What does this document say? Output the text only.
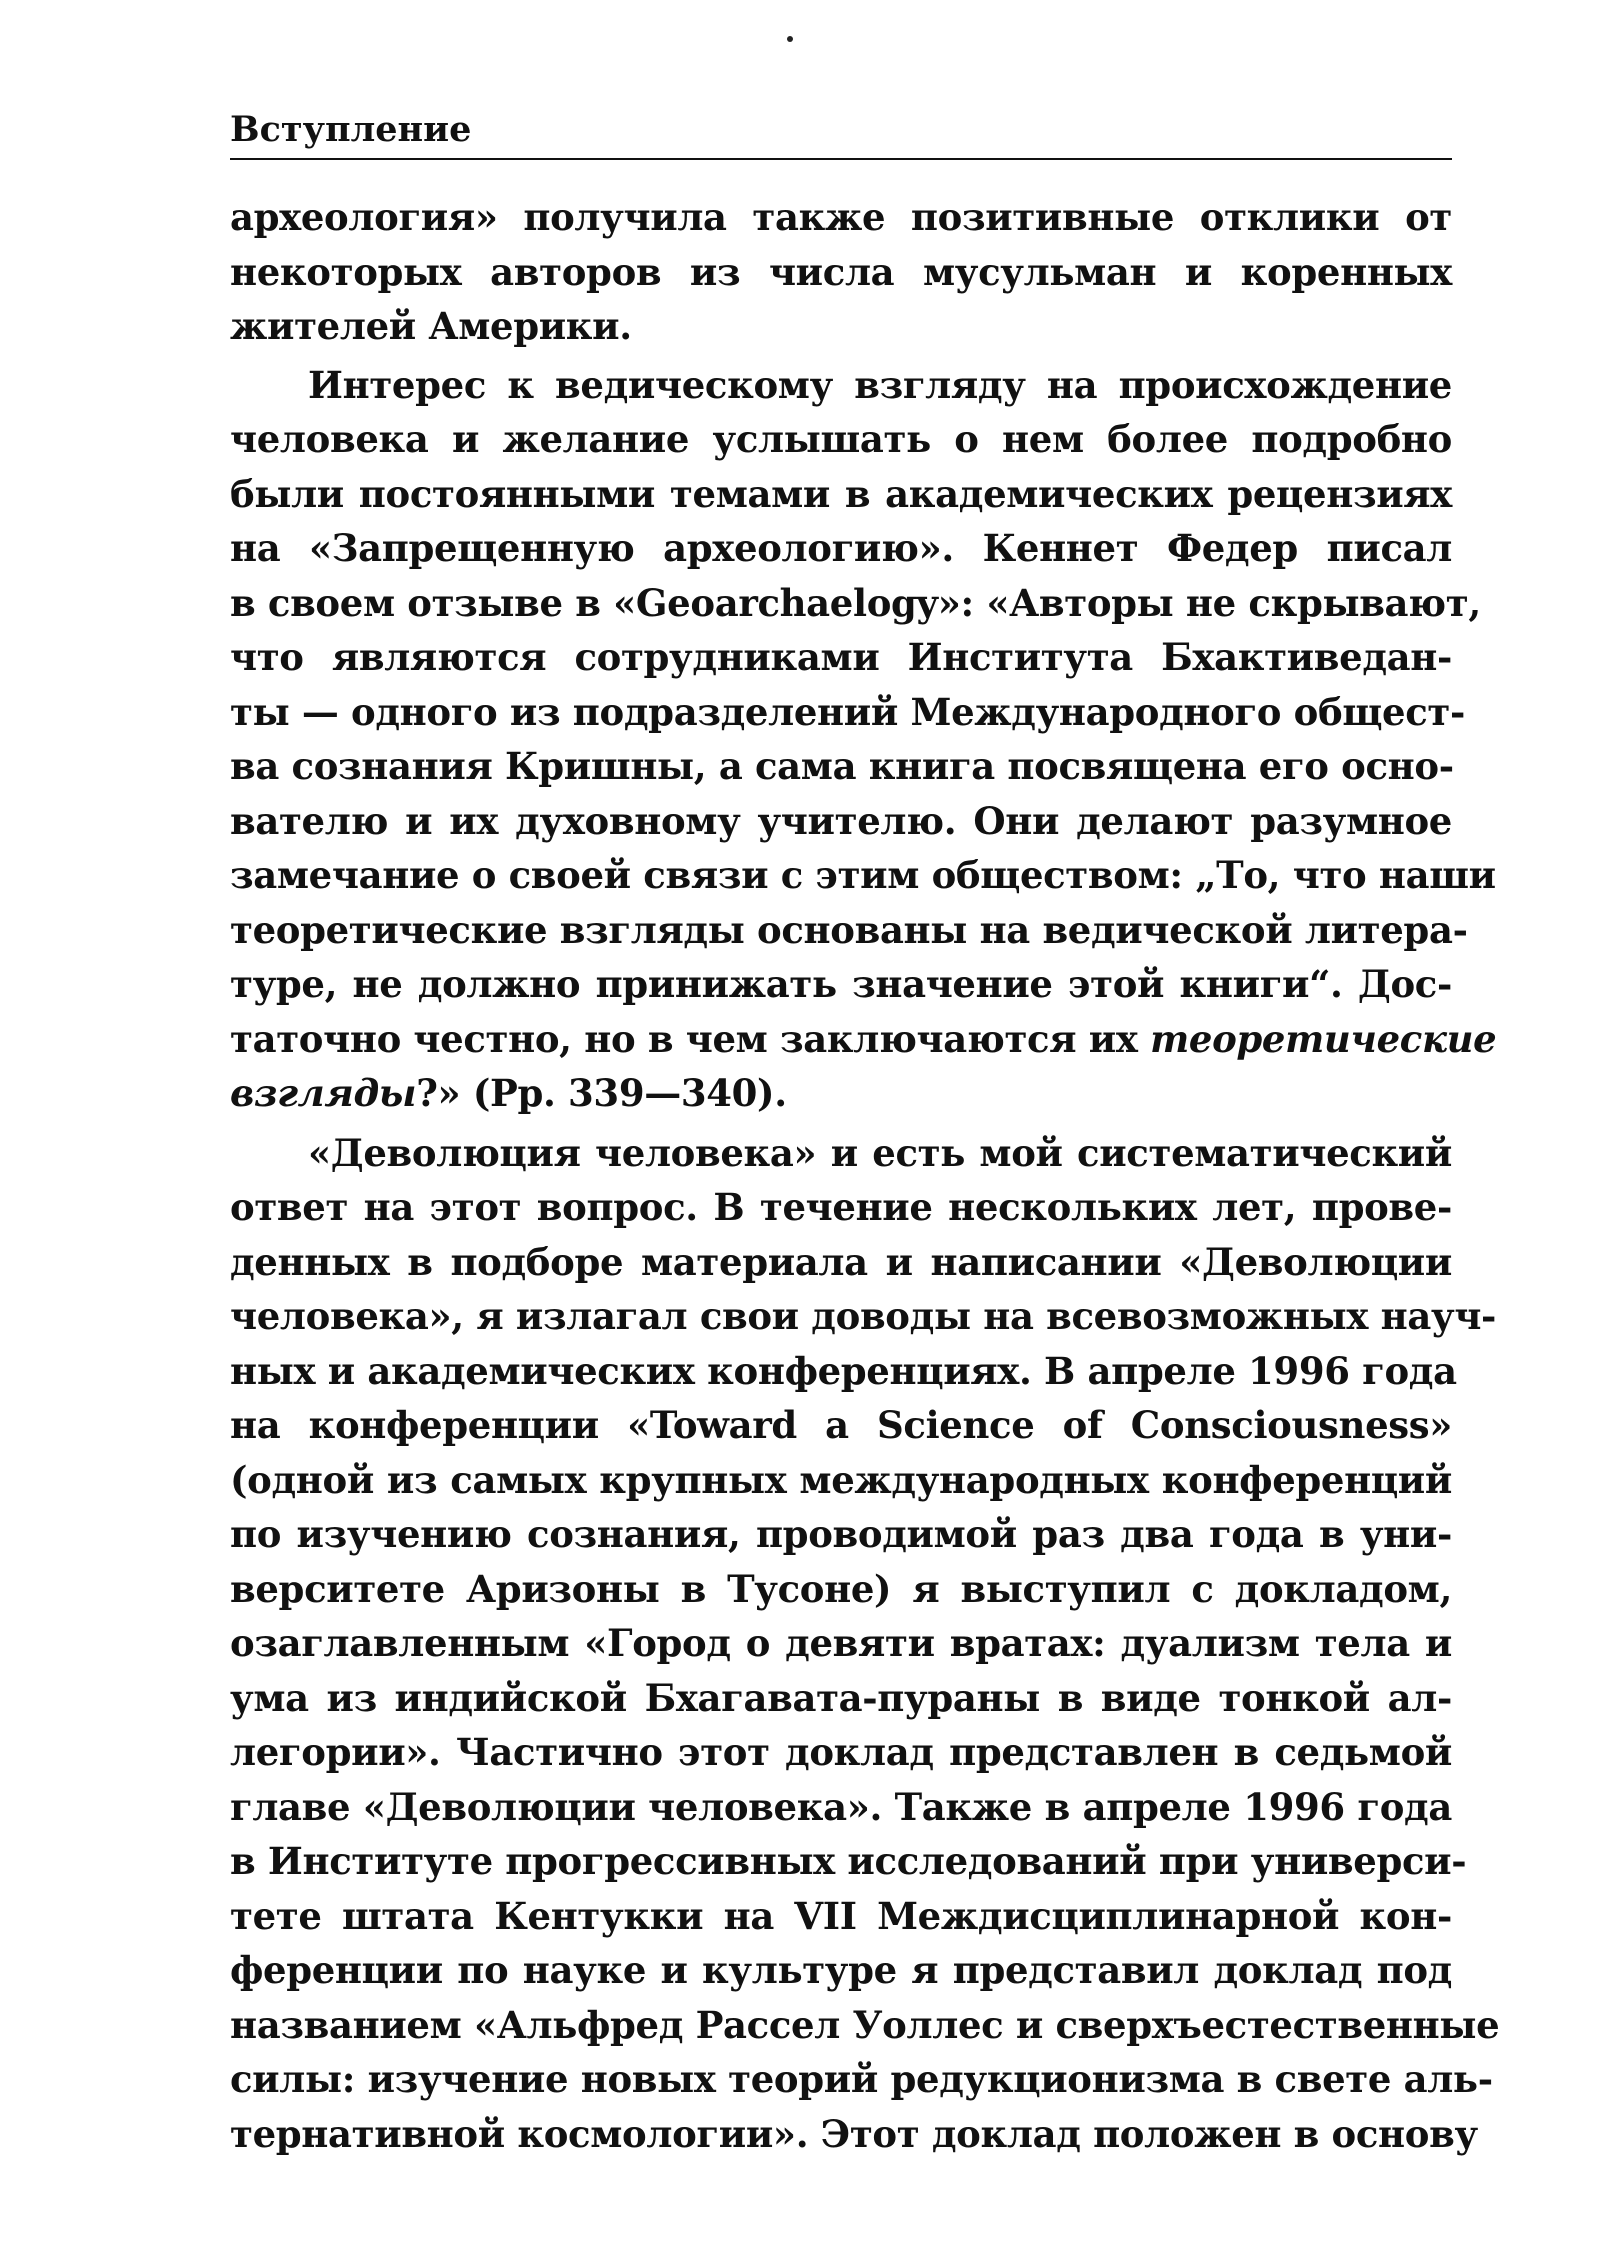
Вступление
археология» получила также позитивные отклики от
некоторых авторов из числа мусульман и коренных
жителей Америки.
Интерес к ведическому взгляду на происхождение
человека и желание услышать о нем более подробно
были постоянными темами в академических рецензиях
на «Запрещенную археологию». Кеннет Федер писал
в своем отзыве в «Geoarchaelogy»: «Авторы не скрывают,
что являются сотрудниками Института Бхактиведан-
ты — одного из подразделений Международного общест-
ва сознания Кришны, а сама книга посвящена его осно-
вателю и их духовному учителю. Они делают разумное
замечание о своей связи с этим обществом: „То, что наши
теоретические взгляды основаны на ведической литера-
туре, не должно принижать значение этой книги“. Дос-
таточно честно, но в чем заключаются их теоретические
взгляды?» (Pp. 339—340).
«Деволюция человека» и есть мой систематический
ответ на этот вопрос. В течение нескольких лет, прове-
денных в подборе материала и написании «Деволюции
человека», я излагал свои доводы на всевозможных науч-
ных и академических конференциях. В апреле 1996 года
на конференции «Toward a Science of Consciousness»
(одной из самых крупных международных конференций
по изучению сознания, проводимой раз два года в уни-
верситете Аризоны в Тусоне) я выступил с докладом,
озаглавленным «Город о девяти вратах: дуализм тела и
ума из индийской Бхагавата-пураны в виде тонкой ал-
легории». Частично этот доклад представлен в седьмой
главе «Деволюции человека». Также в апреле 1996 года
в Институте прогрессивных исследований при универси-
тете штата Кентукки на VII Междисциплинарной кон-
ференции по науке и культуре я представил доклад под
названием «Альфред Рассел Уоллес и сверхъестественные
силы: изучение новых теорий редукционизма в свете аль-
тернативной космологии». Этот доклад положен в основу
